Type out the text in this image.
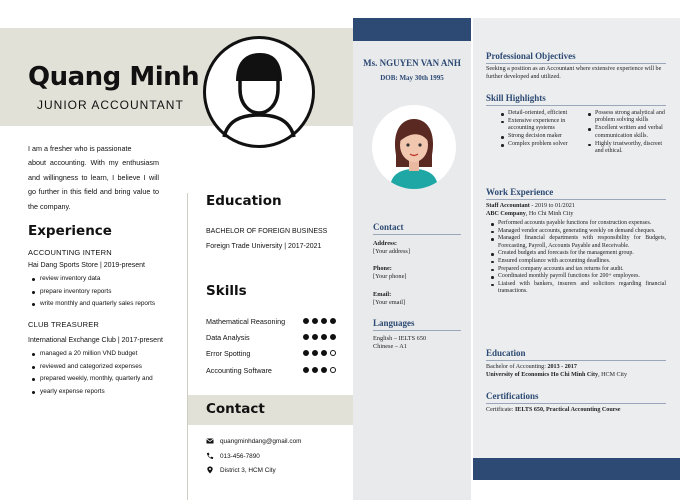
Quang Minh
JUNIOR ACCOUNTANT
I am a fresher who is passionate
about accounting. With my enthusiasm and willingness to learn, I believe I will go further in this field and bring value to the company.
Experience
ACCOUNTING INTERN
Hai Dang Sports Store | 2019-present
review inventory data
prepare inventory reports
write monthly and quarterly sales reports
CLUB TREASURER
International Exchange Club | 2017-present
managed a 20 million VND budget
reviewed and categorized expenses
prepared weekly, monthly, quarterly and
yearly expense reports
Education
BACHELOR OF FOREIGN BUSINESS
Foreign Trade University | 2017-2021
Skills
Mathematical Reasoning
Data Analysis
Error Spotting
Accounting Software
Contact
quangminhdang@gmail.com
013-456-7890
District 3, HCM City
Ms. NGUYEN VAN ANH
DOB: May 30th 1995
Contact
Address:
[Your address]
Phone:
[Your phone]
Email:
[Your email]
Languages
English – IELTS 650
Chinese – A1
Professional Objectives
Seeking a position as an Accountant where extensive experience will be further developed and utilized.
Skill Highlights
Detail-oriented, efficient
Extensive experience in accounting systems
Strong decision maker
Complex problem solver
Possess strong analytical and problem solving skills
Excellent written and verbal communication skills.
Highly trustworthy, discreet and ethical.
Work Experience
Staff Accountant - 2019 to 01/2021
ABC Company, Ho Chi Minh City
Performed accounts payable functions for construction expenses.
Managed vendor accounts, generating weekly on demand cheques.
Managed financial departments with responsibility for Budgets, Forecasting, Payroll, Accounts Payable and Receivable.
Created budgets and forecasts for the management group.
Ensured compliance with accounting deadlines.
Prepared company accounts and tax returns for audit.
Coordinated monthly payroll functions for 200+ employees.
Liaised with bankers, insurers and solicitors regarding financial transactions.
Education
Bachelor of Accounting: 2013 - 2017
University of Economics Ho Chi Minh City, HCM City
Certifications
Certificate: IELTS 650, Practical Accounting Course
